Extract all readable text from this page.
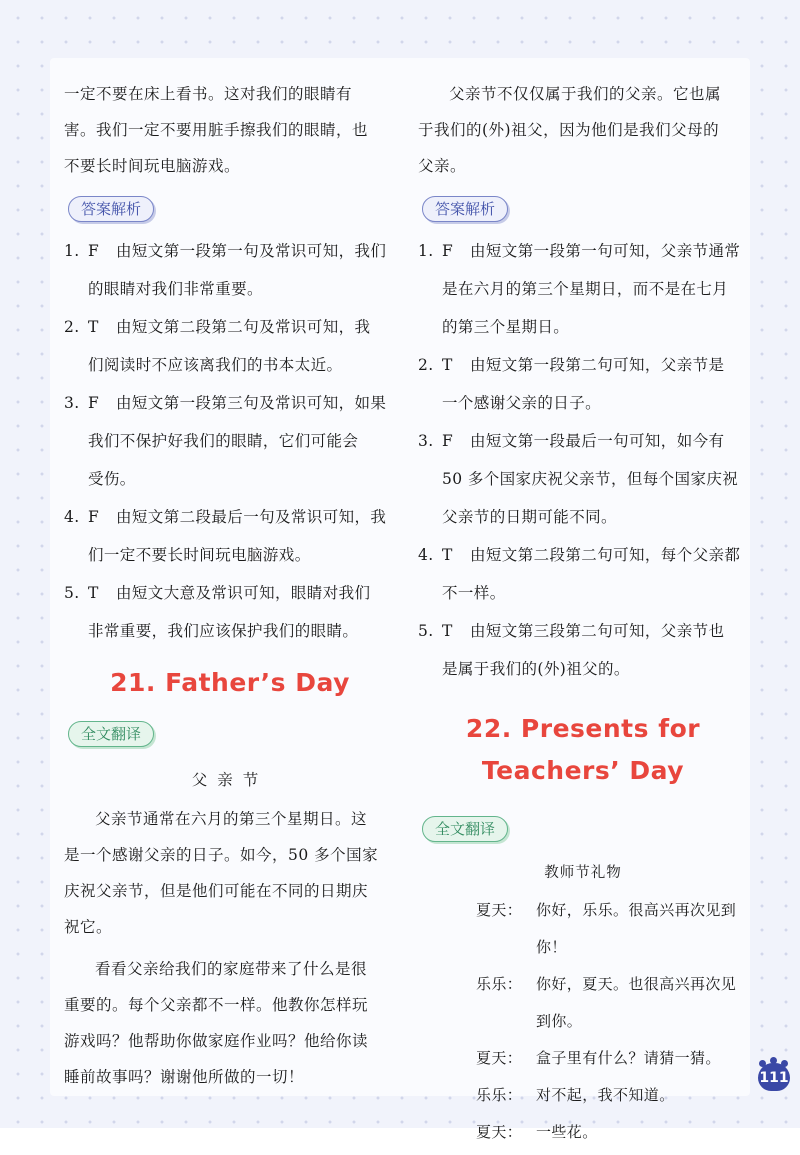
一定不要在床上看书。这对我们的眼睛有

害。我们一定不要用脏手擦我们的眼睛，也

不要长时间玩电脑游戏。

答案解析
1. F 由短文第一段第一句及常识可知，我们
的眼睛对我们非常重要。
2. T 由短文第二段第二句及常识可知，我
们阅读时不应该离我们的书本太近。
3. F 由短文第一段第三句及常识可知，如果
我们不保护好我们的眼睛，它们可能会
受伤。
4. F 由短文第二段最后一句及常识可知，我
们一定不要长时间玩电脑游戏。
5. T 由短文大意及常识可知，眼睛对我们
非常重要，我们应该保护我们的眼睛。
21. Father’s Day
全文翻译
父亲节

父亲节通常在六月的第三个星期日。这

是一个感谢父亲的日子。如今，50 多个国家

庆祝父亲节，但是他们可能在不同的日期庆

祝它。

看看父亲给我们的家庭带来了什么是很

重要的。每个父亲都不一样。他教你怎样玩

游戏吗？他帮助你做家庭作业吗？他给你读

睡前故事吗？谢谢他所做的一切！

父亲节不仅仅属于我们的父亲。它也属

于我们的(外)祖父，因为他们是我们父母的

父亲。

答案解析
1. F 由短文第一段第一句可知，父亲节通常
是在六月的第三个星期日，而不是在七月
的第三个星期日。
2. T 由短文第一段第二句可知，父亲节是
一个感谢父亲的日子。
3. F 由短文第一段最后一句可知，如今有
50 多个国家庆祝父亲节，但每个国家庆祝
父亲节的日期可能不同。
4. T 由短文第二段第二句可知，每个父亲都
不一样。
5. T 由短文第三段第二句可知，父亲节也
是属于我们的(外)祖父的。
22. Presents for
Teachers’ Day
全文翻译
教师节礼物
夏天： 你好，乐乐。很高兴再次见到你！
乐乐： 你好，夏天。也很高兴再次见
到你。
夏天： 盒子里有什么？请猜一猜。
乐乐： 对不起，我不知道。
夏天： 一些花。
111
